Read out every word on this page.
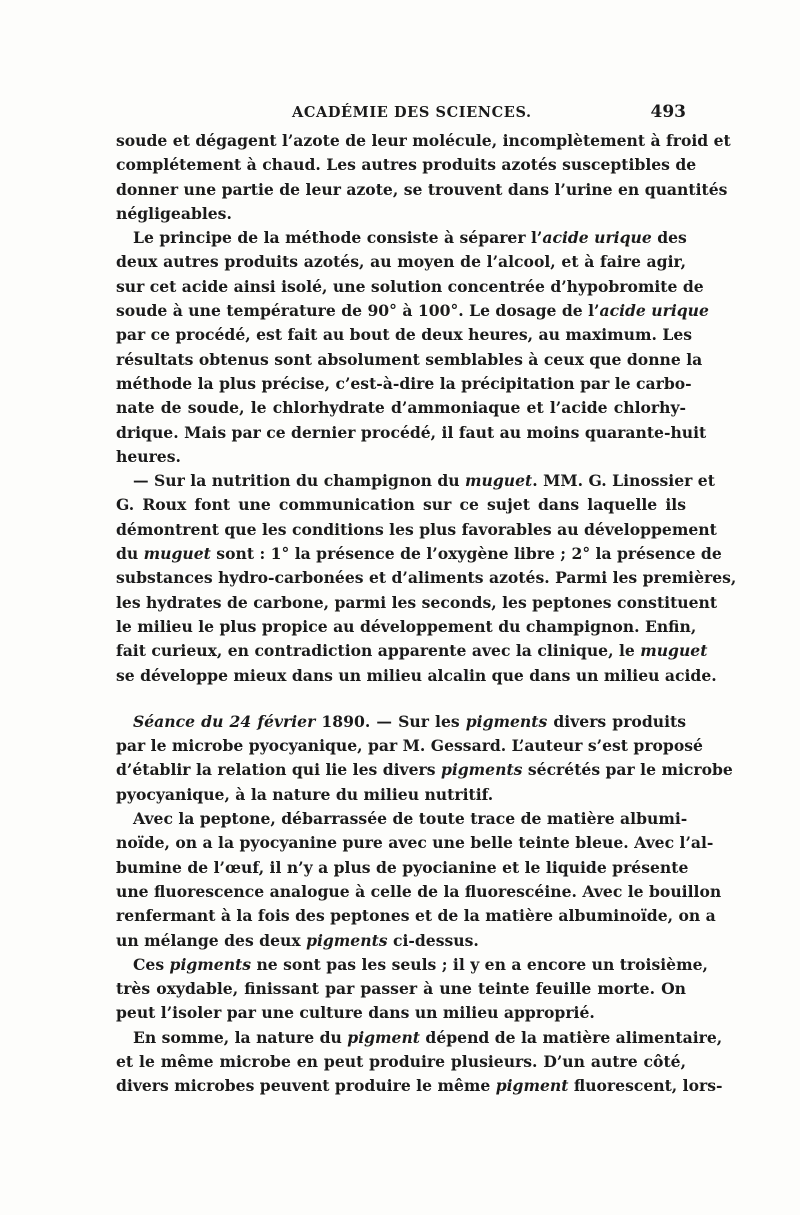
ACADÉMIE DES SCIENCES.	493
soude et dégagent l’azote de leur molécule, incomplètement à froid et
complétement à chaud. Les autres produits azotés susceptibles de
donner une partie de leur azote, se trouvent dans l’urine en quantités
négligeables.
Le principe de la méthode consiste à séparer l’acide urique des
deux autres produits azotés, au moyen de l’alcool, et à faire agir,
sur cet acide ainsi isolé, une solution concentrée d’hypobromite de
soude à une température de 90° à 100°. Le dosage de l’acide urique
par ce procédé, est fait au bout de deux heures, au maximum. Les
résultats obtenus sont absolument semblables à ceux que donne la
méthode la plus précise, c’est-à-dire la précipitation par le carbo-
nate de soude, le chlorhydrate d’ammoniaque et l’acide chlorhy-
drique. Mais par ce dernier procédé, il faut au moins quarante-huit
heures.
— Sur la nutrition du champignon du muguet. MM. G. Linossier et
G. Roux font une communication sur ce sujet dans laquelle ils
démontrent que les conditions les plus favorables au développement
du muguet sont : 1° la présence de l’oxygène libre ; 2° la présence de
substances hydro-carbonées et d’aliments azotés. Parmi les premières,
les hydrates de carbone, parmi les seconds, les peptones constituent
le milieu le plus propice au développement du champignon. Enfin,
fait curieux, en contradiction apparente avec la clinique, le muguet
se développe mieux dans un milieu alcalin que dans un milieu acide.
Séance du 24 février 1890. — Sur les pigments divers produits
par le microbe pyocyanique, par M. Gessard. L’auteur s’est proposé
d’établir la relation qui lie les divers pigments sécrétés par le microbe
pyocyanique, à la nature du milieu nutritif.
Avec la peptone, débarrassée de toute trace de matière albumi-
noïde, on a la pyocyanine pure avec une belle teinte bleue. Avec l’al-
bumine de l’œuf, il n’y a plus de pyocianine et le liquide présente
une fluorescence analogue à celle de la fluorescéine. Avec le bouillon
renfermant à la fois des peptones et de la matière albuminoïde, on a
un mélange des deux pigments ci-dessus.
Ces pigments ne sont pas les seuls ; il y en a encore un troisième,
très oxydable, finissant par passer à une teinte feuille morte. On
peut l’isoler par une culture dans un milieu approprié.
En somme, la nature du pigment dépend de la matière alimentaire,
et le même microbe en peut produire plusieurs. D’un autre côté,
divers microbes peuvent produire le même pigment fluorescent, lors-
